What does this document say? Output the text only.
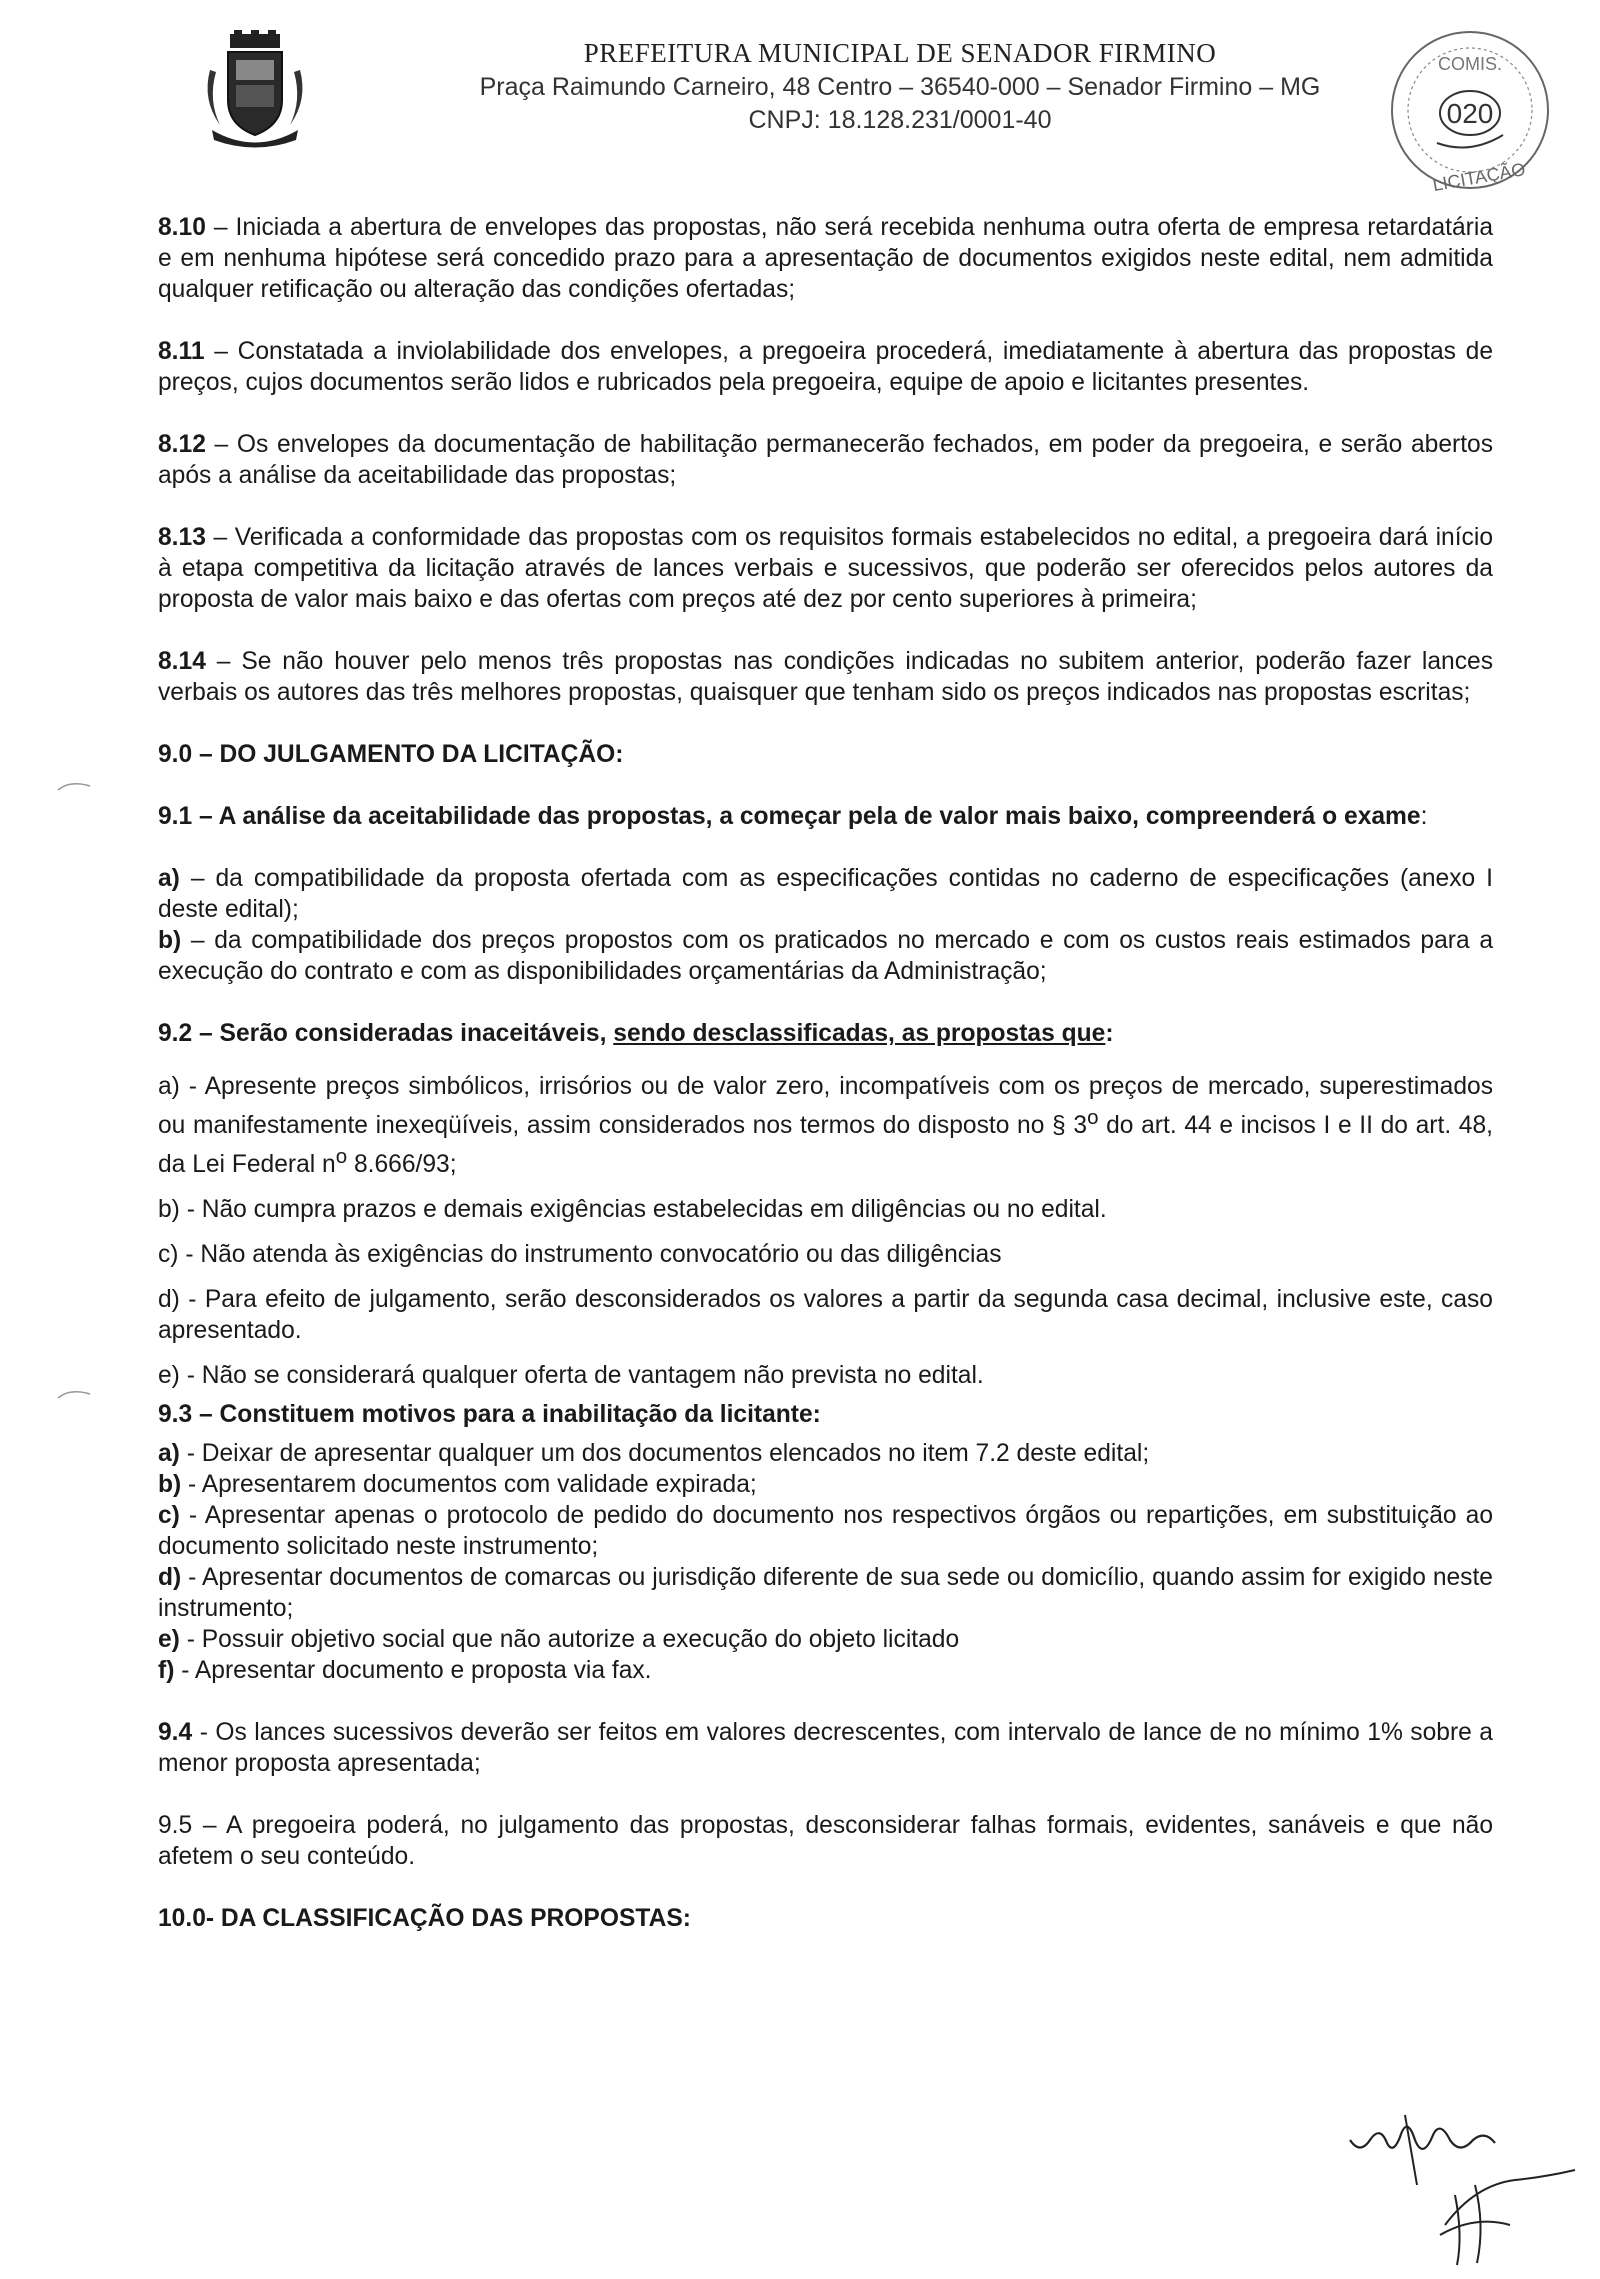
PREFEITURA MUNICIPAL DE SENADOR FIRMINO
Praça Raimundo Carneiro, 48 Centro – 36540-000 – Senador Firmino – MG
CNPJ: 18.128.231/0001-40
COMIS.
020
LICITAÇÃO

8.10 – Iniciada a abertura de envelopes das propostas, não será recebida nenhuma outra oferta de empresa retardatária e em nenhuma hipótese será concedido prazo para a apresentação de documentos exigidos neste edital, nem admitida qualquer retificação ou alteração das condições ofertadas;

8.11 – Constatada a inviolabilidade dos envelopes, a pregoeira procederá, imediatamente à abertura das propostas de preços, cujos documentos serão lidos e rubricados pela pregoeira, equipe de apoio e licitantes presentes.

8.12 – Os envelopes da documentação de habilitação permanecerão fechados, em poder da pregoeira, e serão abertos após a análise da aceitabilidade das propostas;

8.13 – Verificada a conformidade das propostas com os requisitos formais estabelecidos no edital, a pregoeira dará início à etapa competitiva da licitação através de lances verbais e sucessivos, que poderão ser oferecidos pelos autores da proposta de valor mais baixo e das ofertas com preços até dez por cento superiores à primeira;

8.14 – Se não houver pelo menos três propostas nas condições indicadas no subitem anterior, poderão fazer lances verbais os autores das três melhores propostas, quaisquer que tenham sido os preços indicados nas propostas escritas;

9.0 – DO JULGAMENTO DA LICITAÇÃO:

9.1 – A análise da aceitabilidade das propostas, a começar pela de valor mais baixo, compreenderá o exame:

a) – da compatibilidade da proposta ofertada com as especificações contidas no caderno de especificações (anexo I deste edital);

b) – da compatibilidade dos preços propostos com os praticados no mercado e com os custos reais estimados para a execução do contrato e com as disponibilidades orçamentárias da Administração;

9.2 – Serão consideradas inaceitáveis, sendo desclassificadas, as propostas que:

a) - Apresente preços simbólicos, irrisórios ou de valor zero, incompatíveis com os preços de mercado, superestimados ou manifestamente inexeqüíveis, assim considerados nos termos do disposto no § 3$^o$ do art. 44 e incisos I e II do art. 48, da Lei Federal $n^o$ 8.666/93;

b) - Não cumpra prazos e demais exigências estabelecidas em diligências ou no edital.

c) - Não atenda às exigências do instrumento convocatório ou das diligências

d) - Para efeito de julgamento, serão desconsiderados os valores a partir da segunda casa decimal, inclusive este, caso apresentado.

e) - Não se considerará qualquer oferta de vantagem não prevista no edital.

9.3 – Constituem motivos para a inabilitação da licitante:

a) - Deixar de apresentar qualquer um dos documentos elencados no item 7.2 deste edital;

b) - Apresentarem documentos com validade expirada;

c) - Apresentar apenas o protocolo de pedido do documento nos respectivos órgãos ou repartições, em substituição ao documento solicitado neste instrumento;

d) - Apresentar documentos de comarcas ou jurisdição diferente de sua sede ou domicílio, quando assim for exigido neste instrumento;

e) - Possuir objetivo social que não autorize a execução do objeto licitado

f) - Apresentar documento e proposta via fax.

9.4 - Os lances sucessivos deverão ser feitos em valores decrescentes, com intervalo de lance de no mínimo 1% sobre a menor proposta apresentada;

9.5 – A pregoeira poderá, no julgamento das propostas, desconsiderar falhas formais, evidentes, sanáveis e que não afetem o seu conteúdo.

10.0- DA CLASSIFICAÇÃO DAS PROPOSTAS:
